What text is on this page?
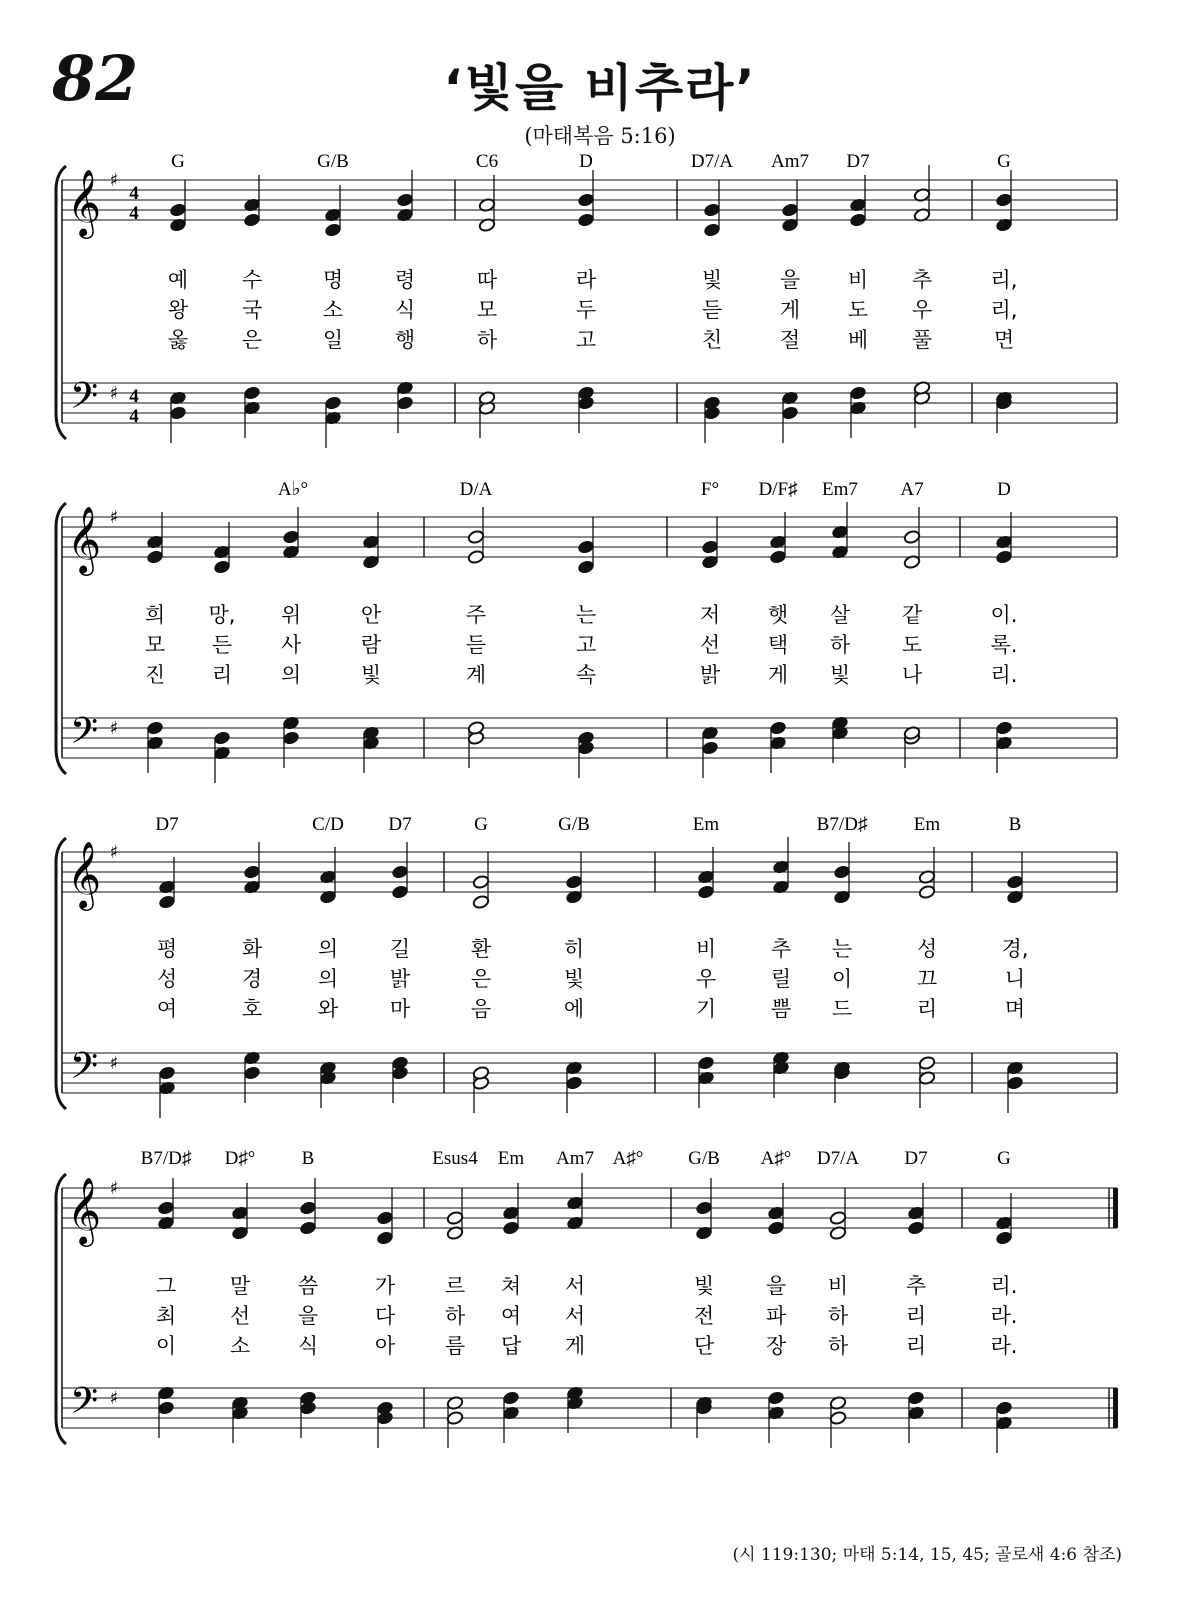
82	‘빛을 비추라’
(마태복음 5:16)
𝄞
𝄢
♯
♯
4
4
4
4
G	G/B	C6	D	D7/A Am7 D7	G
예	수	명 령	따	라	빛	을 비 추	리,
왕	국	소 식	모	두	듣	게 도 우	리,
옳	은	일 행	하	고	친	절 베 풀	면
𝄞
𝄢
♯
♯
A♭°	D/A	F° D/F♯ Em7 A7	D
희 망, 위	안	주	는	저 햇 살 같	이.
모 든 사	람	듣	고	선 택 하 도	록.
진 리 의	빛	계	속	밝 게 빛 나	리.
𝄞
𝄢
♯
♯
D7	C/D D7	G	G/B	Em	B7/D♯ Em	B
평	화	의 길	환	히	비	추 는	성	경,
성	경	의 밝	은	빛	우	릴 이	끄	니
여	호	와 마	음	에	기	쁨 드	리	며
𝄞
𝄢
♯
♯
B7/D♯ D♯° B	Esus4 Em Am7 A♯° G/B A♯° D7/A D7	G
그	말 씀	가 르 쳐 서	빛 을 비	추	리.
최	선 을	다 하 여 서	전 파 하	리	라.
이	소 식	아 름 답 게	단 장 하	리	라.
(시 119:130; 마태 5:14, 15, 45; 골로새 4:6 참조)
